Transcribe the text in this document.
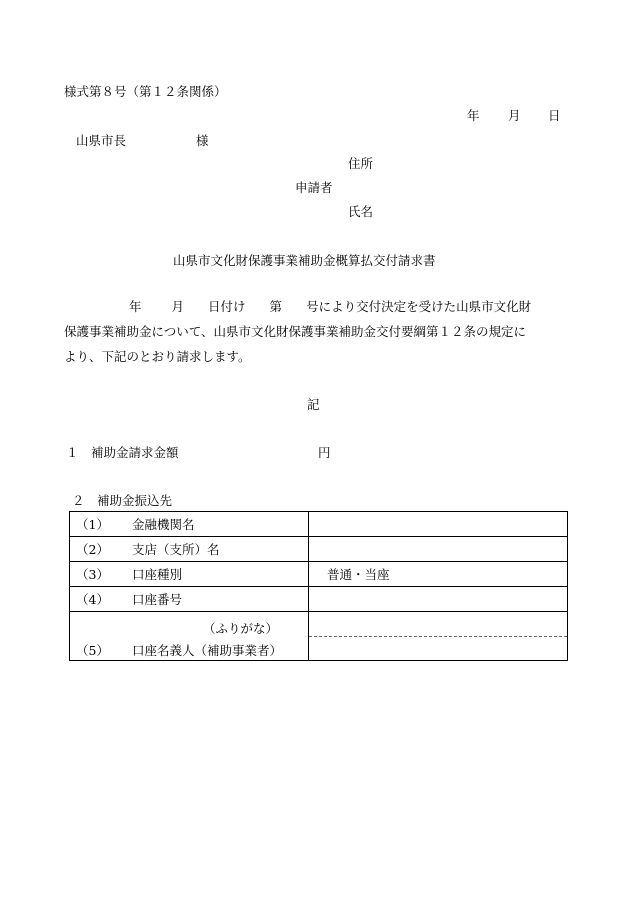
様式第８号（第１２条関係）
年 月 日
山県市長	様
住所
申請者
氏名
山県市文化財保護事業補助金概算払交付請求書
年 月 日付け 第 号により交付決定を受けた山県市文化財
保護事業補助金について、山県市文化財保護事業補助金交付要綱第１２条の規定に
より、下記のとおり請求します。
記
１ 補助金請求金額	円
２ 補助金振込先
（1） 金融機関名	
（2） 支店（支所）名	
（3） 口座種別	普通・当座
（4） 口座番号	

（ふりがな）
（5） 口座名義人（補助事業者）	
